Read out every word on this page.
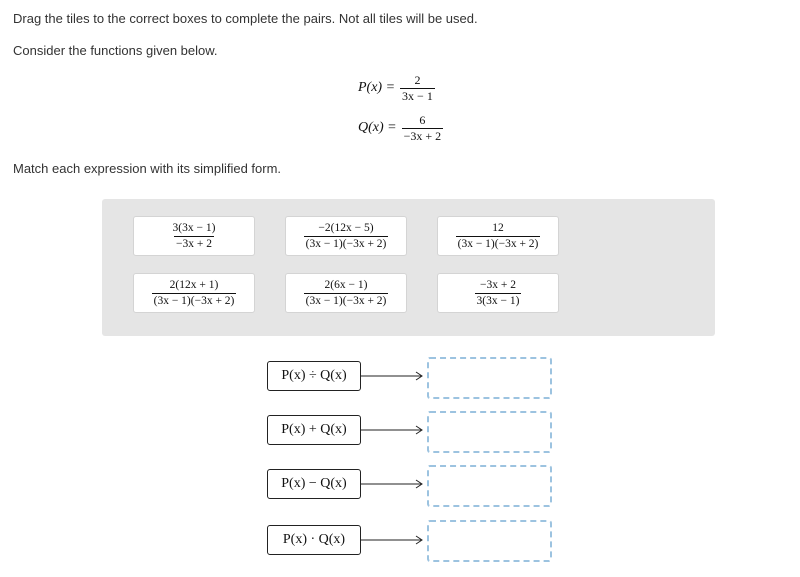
Drag the tiles to the correct boxes to complete the pairs. Not all tiles will be used.
Consider the functions given below.
$P(x) = \frac{2}{3x - 1}$
$Q(x) = \frac{6}{-3x + 2}$
Match each expression with its simplified form.
$\frac{3(3x - 1)}{-3x + 2}$	$\frac{-2(12x - 5)}{(3x - 1)(-3x + 2)}$	$\frac{12}{(3x - 1)(-3x + 2)}$
$\frac{2(12x + 1)}{(3x - 1)(-3x + 2)}$	$\frac{2(6x - 1)}{(3x - 1)(-3x + 2)}$	$\frac{-3x + 2}{3(3x - 1)}$
P(x) ÷ Q(x)
P(x) + Q(x)
P(x) − Q(x)
P(x) · Q(x)
